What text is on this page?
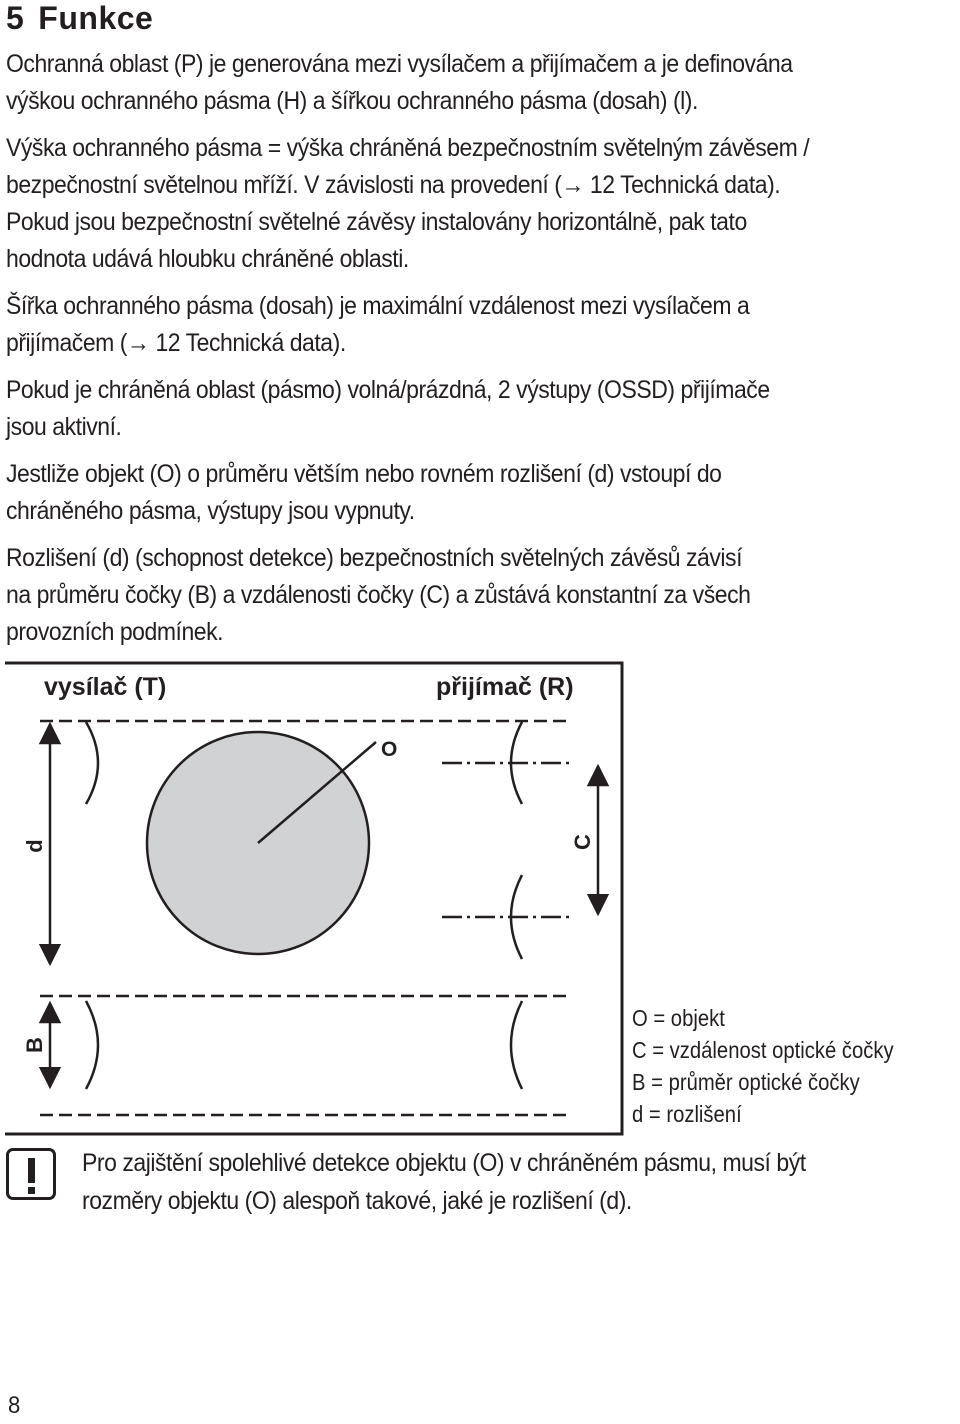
5 Funkce

Ochranná oblast (P) je generována mezi vysílačem a přijímačem a je definována
výškou ochranného pásma (H) a šířkou ochranného pásma (dosah) (l).

Výška ochranného pásma = výška chráněná bezpečnostním světelným závěsem /
bezpečnostní světelnou mříží. V závislosti na provedení (→ 12 Technická data).
Pokud jsou bezpečnostní světelné závěsy instalovány horizontálně, pak tato
hodnota udává hloubku chráněné oblasti.

Šířka ochranného pásma (dosah) je maximální vzdálenost mezi vysílačem a
přijímačem (→ 12 Technická data).

Pokud je chráněná oblast (pásmo) volná/prázdná, 2 výstupy (OSSD) přijímače
jsou aktivní.

Jestliže objekt (O) o průměru větším nebo rovném rozlišení (d) vstoupí do
chráněného pásma, výstupy jsou vypnuty.

Rozlišení (d) (schopnost detekce) bezpečnostních světelných závěsů závisí
na průměru čočky (B) a vzdálenosti čočky (C) a zůstává konstantní za všech
provozních podmínek.

vysílač (T)	přijímač (R)
O
d	C
B
O = objekt
C = vzdálenost optické čočky
B = průměr optické čočky
d = rozlišení
Pro zajištění spolehlivé detekce objektu (O) v chráněném pásmu, musí být
rozměry objektu (O) alespoň takové, jaké je rozlišení (d).
8
